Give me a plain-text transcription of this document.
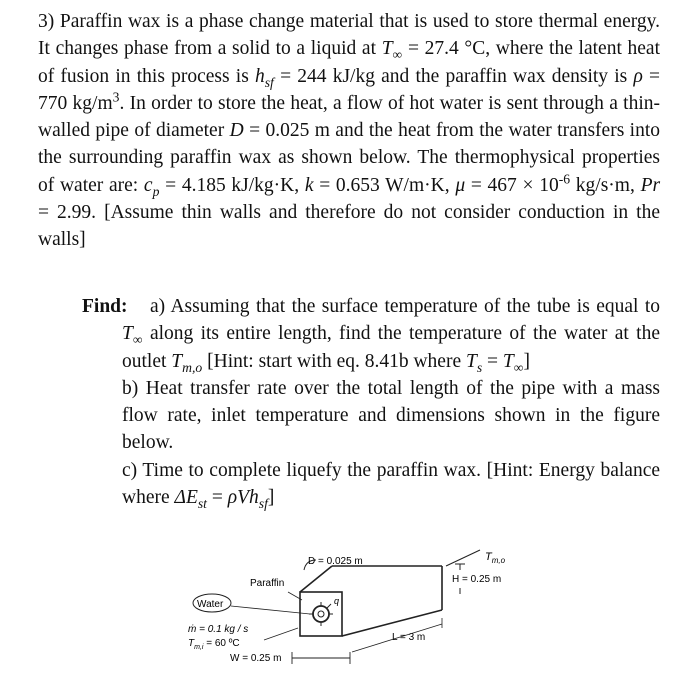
3) Paraffin wax is a phase change material that is used to store thermal energy. It changes phase from a solid to a liquid at $T_\infty = 27.4$ °C, where the latent heat of fusion in this process is $h_{sf} = 244$ kJ/kg and the paraffin wax density is ρ = 770 $kg/m^3$. In order to store the heat, a flow of hot water is sent through a thin-walled pipe of diameter D = 0.025 m and the heat from the water transfers into the surrounding paraffin wax as shown below. The thermophysical properties of water are: $c_p = 4.185$ kJ/kg·K, k = 0.653 W/m·K, $\mu = 467 \times 10^{-6}$ kg/s·m, Pr = 2.99. [Assume thin walls and therefore do not consider conduction in the walls]

Find:	a) Assuming that the surface temperature of the tube is equal to $T_\infty$ along its entire length, find the temperature of the water at the outlet $T_{m,o}$ [Hint: start with eq. 8.41b where $T_s = T_\infty$]

b) Heat transfer rate over the total length of the pipe with a mass flow rate, inlet temperature and dimensions shown in the figure below.

c) Time to complete liquefy the paraffin wax. [Hint: Energy balance where $\Delta E_{st} = \rho Vh_{sf}$]

q
D = 0.025 m
H = 0.25 m
$T_{m,o}$
Paraffin
Water
ṁ = 0.1 kg / s
$T_{m,i} = 60$ ºC
L = 3 m
W = 0.25 m
